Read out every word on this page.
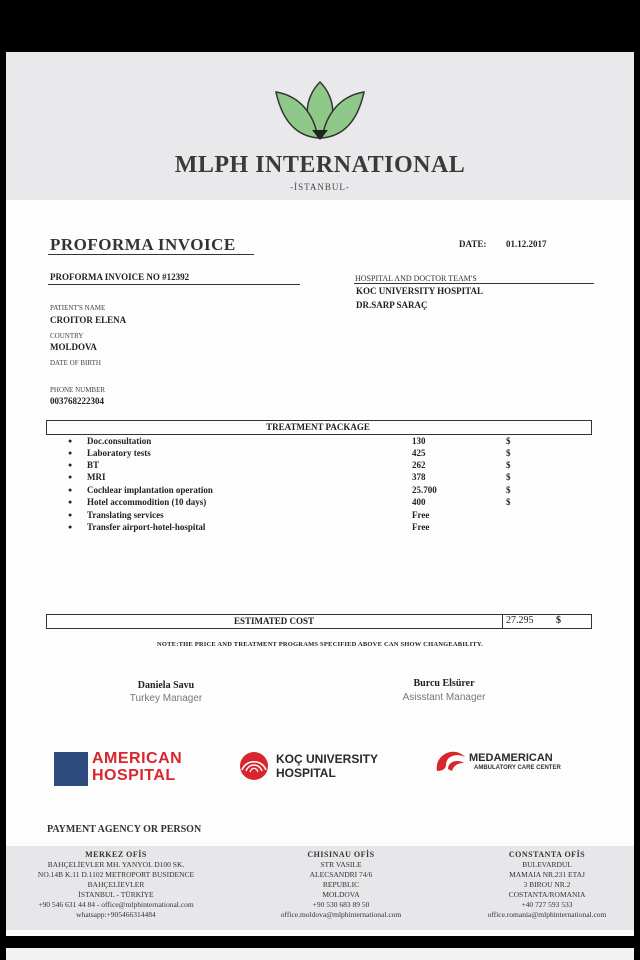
MLPH INTERNATIONAL
-İSTANBUL-
PROFORMA INVOICE	DATE: 01.12.2017
PROFORMA INVOICE NO #12392	HOSPITAL AND DOCTOR TEAM'S
KOC UNIVERSITY HOSPITAL
DR.SARP SARAÇ
PATIENT'S NAME
CROITOR ELENA
COUNTRY
MOLDOVA
DATE OF BIRTH
PHONE NUMBER
003768222304
TREATMENT PACKAGE
● Doc.consultation	130	$
● Laboratory tests	425	$
● BT	262	$
● MRI	378	$
● Cochlear implantation operation	25.700	$
● Hotel accommodition (10 days)	400	$
● Translating services	Free
● Transfer airport-hotel-hospital	Free
ESTIMATED COST	27.295 $
NOTE:THE PRICE AND TREATMENT PROGRAMS SPECIFIED ABOVE CAN SHOW CHANGEABILITY.
Daniela Savu
Turkey Manager
Burcu Elsürer
Asisstant Manager
AMERICAN
HOSPITAL
KOÇ UNIVERSITY
HOSPITAL
MEDAMERICAN
AMBULATORY CARE CENTER
PAYMENT AGENCY OR PERSON
MERKEZ OFİS
BAHÇELİEVLER MH. YANYOL D100 SK.
NO.14B K.11 D.1102 METROPORT BUSIDENCE
BAHÇELİEVLER
İSTANBUL - TÜRKİYE
+90 546 631 44 84 - office@mlphinternational.com
whatsapp:+905466314484
CHISINAU OFİS
STR VASILE
ALECSANDRI 74/6
REPUBLIC
MOLDOVA
+90 530 683 89 50
office.moldova@mlphinternational.com
CONSTANTA OFİS
BULEVARDUL
MAMAIA NR.231 ETAJ
3 BIROU NR.2
COSTANTA/ROMANIA
+40 727 593 533
office.romania@mlphinternational.com
